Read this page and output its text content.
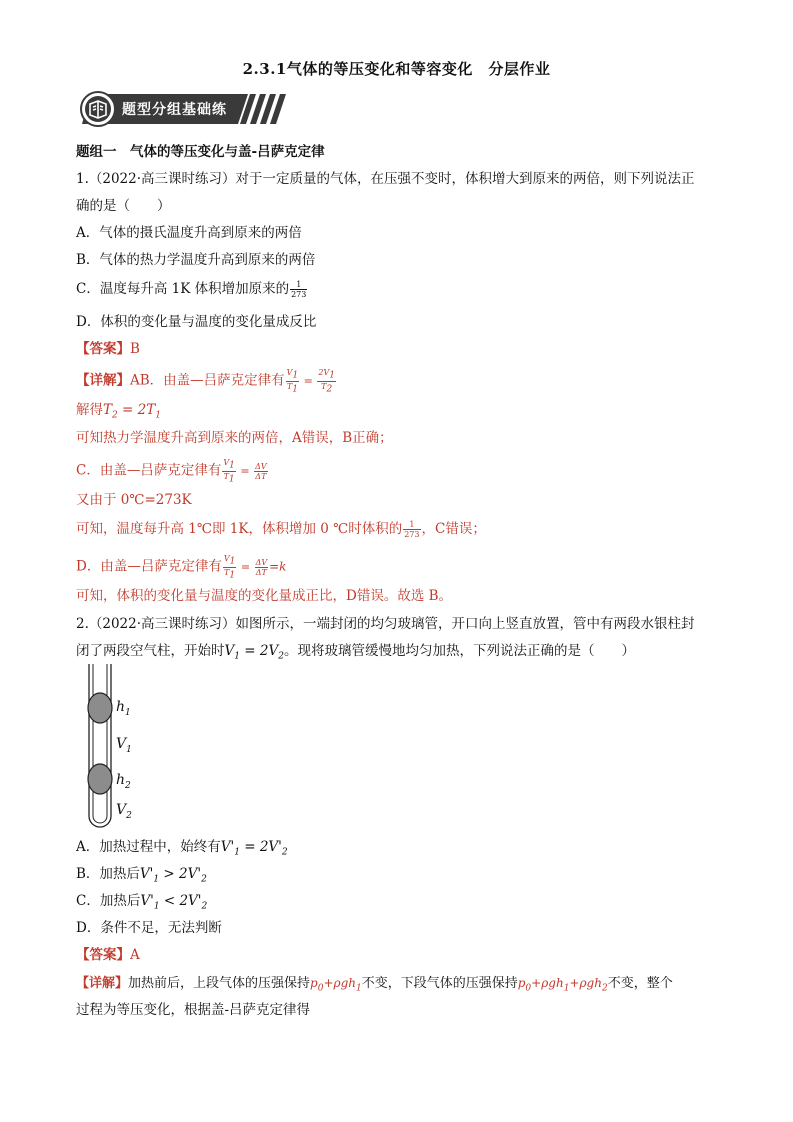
2.3.1气体的等压变化和等容变化　分层作业
题型分组基础练
题组一　气体的等压变化与盖-吕萨克定律
1.（2022·高三课时练习）对于一定质量的气体，在压强不变时，体积增大到原来的两倍，则下列说法正
确的是（　　）
A．气体的摄氏温度升高到原来的两倍
B．气体的热力学温度升高到原来的两倍
C．温度每升高 1K 体积增加原来的 $\frac{1}{273}$
D．体积的变化量与温度的变化量成反比
【答案】B
【详解】AB．由盖—吕萨克定律有 $\frac{V_1}{T_1} = \frac{2V_1}{T_2}$
解得$T_2 = 2T_1$
可知热力学温度升高到原来的两倍，A错误，B正确；
C．由盖—吕萨克定律有 $\frac{V_1}{T_1} = \frac{\Delta V}{\Delta T}$
又由于 0℃=273K
可知，温度每升高 1℃即 1K，体积增加 0 ℃时体积的 $\frac{1}{273}$ ，C错误；
D．由盖—吕萨克定律有 $\frac{V_1}{T_1} = \frac{\Delta V}{\Delta T} =k$
可知，体积的变化量与温度的变化量成正比，D错误。故选 B。
2.（2022·高三课时练习）如图所示，一端封闭的均匀玻璃管，开口向上竖直放置，管中有两段水银柱封
闭了两段空气柱，开始时$V_1 = 2V_2$。现将玻璃管缓慢地均匀加热，下列说法正确的是（　　）
$h_1$
$V_1$
$h_2$
$V_2$
A．加热过程中，始终有$V'_1 = 2V'_2$
B．加热后$V'_1 > 2V'_2$
C．加热后$V'_1 < 2V'_2$
D．条件不足，无法判断
【答案】A
【详解】加热前后，上段气体的压强保持$p_0+\rho gh_1$不变，下段气体的压强保持$p_0+\rho gh_1+\rho gh_2$不变，整个
过程为等压变化，根据盖-吕萨克定律得
